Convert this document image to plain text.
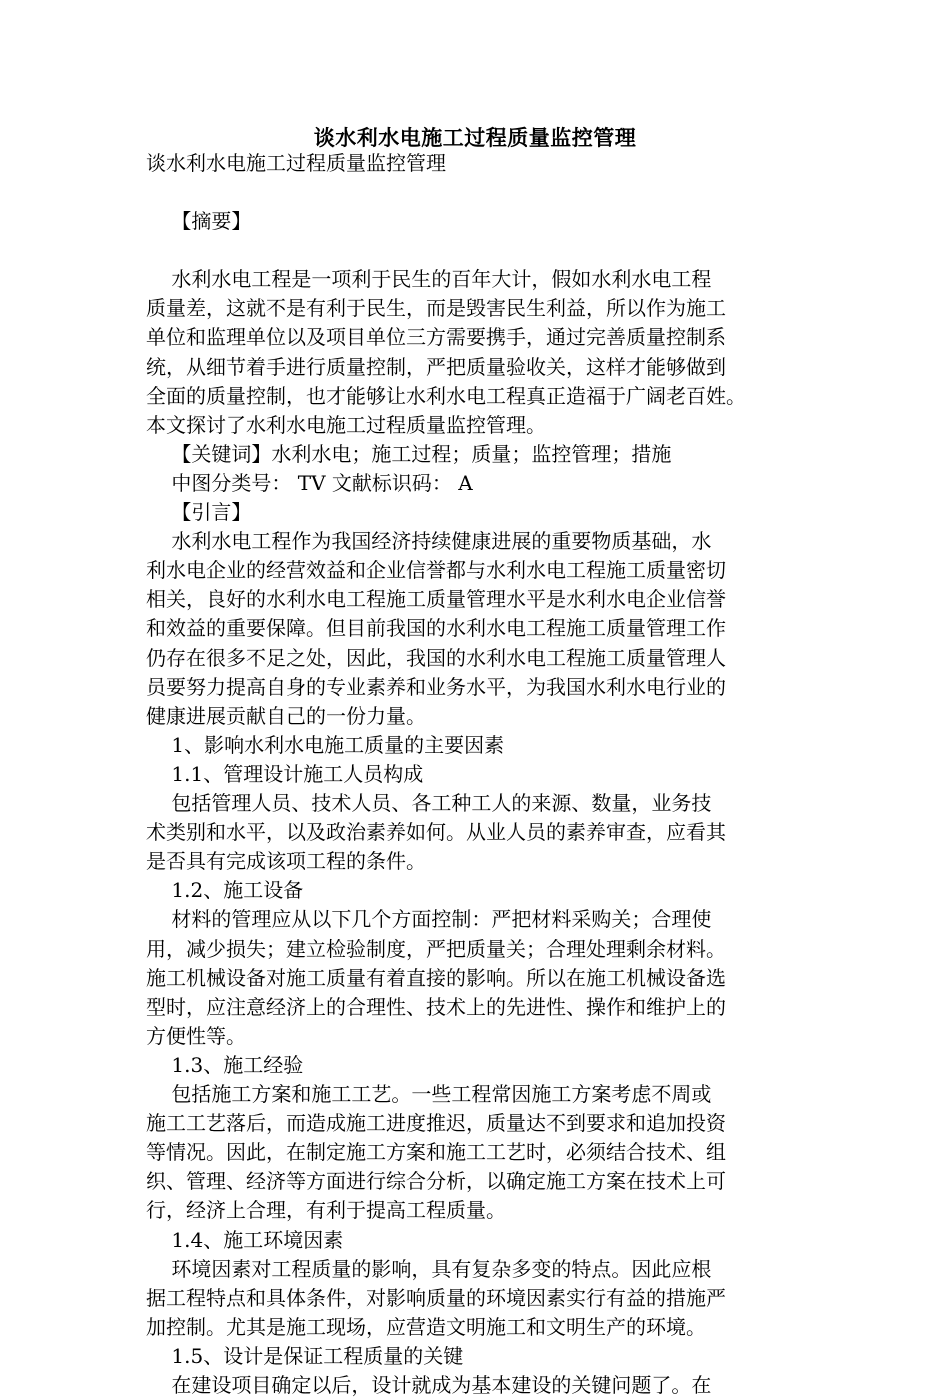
谈水利水电施工过程质量监控管理
谈水利水电施工过程质量监控管理
【摘要】
水利水电工程是一项利于民生的百年大计，假如水利水电工程
质量差，这就不是有利于民生，而是毁害民生利益，所以作为施工
单位和监理单位以及项目单位三方需要携手，通过完善质量控制系
统，从细节着手进行质量控制，严把质量验收关，这样才能够做到
全面的质量控制，也才能够让水利水电工程真正造福于广阔老百姓。
本文探讨了水利水电施工过程质量监控管理。
【关键词】水利水电；施工过程；质量；监控管理；措施
中图分类号： TV 文献标识码： A
【引言】
水利水电工程作为我国经济持续健康进展的重要物质基础，水
利水电企业的经营效益和企业信誉都与水利水电工程施工质量密切
相关，良好的水利水电工程施工质量管理水平是水利水电企业信誉
和效益的重要保障。但目前我国的水利水电工程施工质量管理工作
仍存在很多不足之处，因此，我国的水利水电工程施工质量管理人
员要努力提高自身的专业素养和业务水平，为我国水利水电行业的
健康进展贡献自己的一份力量。
1、影响水利水电施工质量的主要因素
1.1、管理设计施工人员构成
包括管理人员、技术人员、各工种工人的来源、数量，业务技
术类别和水平，以及政治素养如何。从业人员的素养审查，应看其
是否具有完成该项工程的条件。
1.2、施工设备
材料的管理应从以下几个方面控制：严把材料采购关；合理使
用，减少损失；建立检验制度，严把质量关；合理处理剩余材料。
施工机械设备对施工质量有着直接的影响。所以在施工机械设备选
型时，应注意经济上的合理性、技术上的先进性、操作和维护上的
方便性等。
1.3、施工经验
包括施工方案和施工工艺。一些工程常因施工方案考虑不周或
施工工艺落后，而造成施工进度推迟，质量达不到要求和追加投资
等情况。因此，在制定施工方案和施工工艺时，必须结合技术、组
织、管理、经济等方面进行综合分析，以确定施工方案在技术上可
行，经济上合理，有利于提高工程质量。
1.4、施工环境因素
环境因素对工程质量的影响，具有复杂多变的特点。因此应根
据工程特点和具体条件，对影响质量的环境因素实行有益的措施严
加控制。尤其是施工现场，应营造文明施工和文明生产的环境。
1.5、设计是保证工程质量的关键
在建设项目确定以后，设计就成为基本建设的关键问题了。在
